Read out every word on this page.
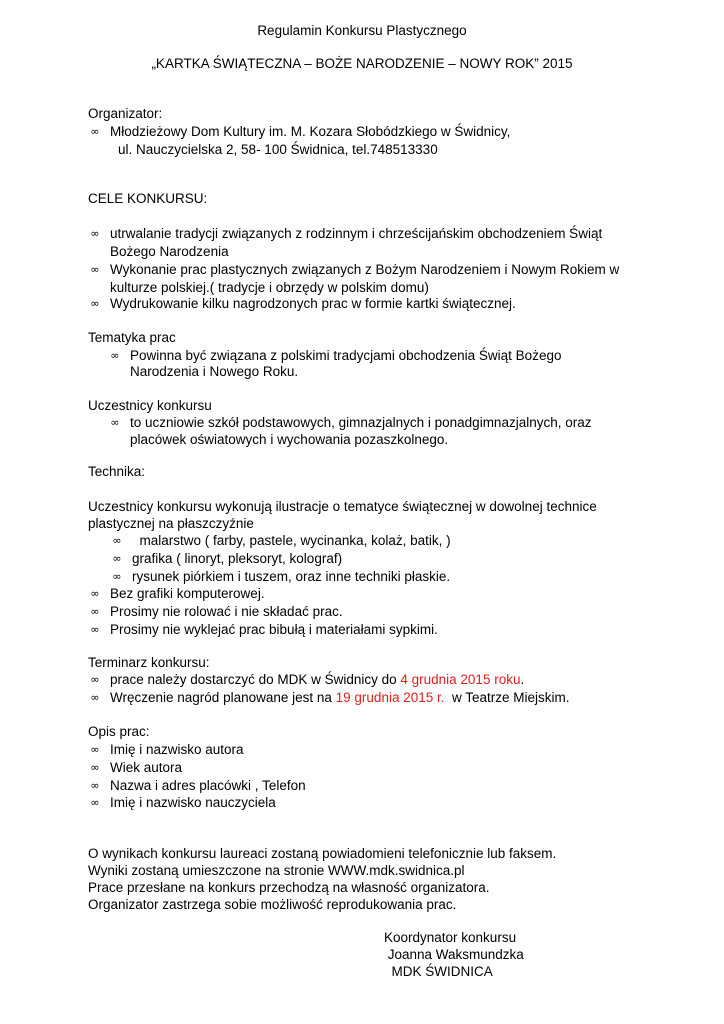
Regulamin Konkursu Plastycznego
„KARTKA ŚWIĄTECZNA – BOŻE NARODZENIE – NOWY ROK” 2015
Organizator:
∞ Młodzieżowy Dom Kultury im. M. Kozara Słobódzkiego w Świdnicy,
ul. Nauczycielska 2, 58- 100 Świdnica, tel.748513330
CELE KONKURSU:
∞ utrwalanie tradycji związanych z rodzinnym i chrześcijańskim obchodzeniem Świąt
Bożego Narodzenia
∞ Wykonanie prac plastycznych związanych z Bożym Narodzeniem i Nowym Rokiem w
kulturze polskiej.( tradycje i obrzędy w polskim domu)
∞ Wydrukowanie kilku nagrodzonych prac w formie kartki świątecznej.
Tematyka prac
∞ Powinna być związana z polskimi tradycjami obchodzenia Świąt Bożego
Narodzenia i Nowego Roku.
Uczestnicy konkursu
∞ to uczniowie szkół podstawowych, gimnazjalnych i ponadgimnazjalnych, oraz
placówek oświatowych i wychowania pozaszkolnego.
Technika:
Uczestnicy konkursu wykonują ilustracje o tematyce świątecznej w dowolnej technice
plastycznej na płaszczyźnie
∞ malarstwo ( farby, pastele, wycinanka, kolaż, batik, )
∞ grafika ( linoryt, pleksoryt, kolograf)
∞ rysunek piórkiem i tuszem, oraz inne techniki płaskie.
∞ Bez grafiki komputerowej.
∞ Prosimy nie rolować i nie składać prac.
∞ Prosimy nie wyklejać prac bibułą i materiałami sypkimi.
Terminarz konkursu:
∞ prace należy dostarczyć do MDK w Świdnicy do 4 grudnia 2015 roku.
∞ Wręczenie nagród planowane jest na 19 grudnia 2015 r.  w Teatrze Miejskim.
Opis prac:
∞ Imię i nazwisko autora
∞ Wiek autora
∞ Nazwa i adres placówki , Telefon
∞ Imię i nazwisko nauczyciela
O wynikach konkursu laureaci zostaną powiadomieni telefonicznie lub faksem.
Wyniki zostaną umieszczone na stronie WWW.mdk.swidnica.pl
Prace przesłane na konkurs przechodzą na własność organizatora.
Organizator zastrzega sobie możliwość reprodukowania prac.
Koordynator konkursu
Joanna Waksmundzka
MDK ŚWIDNICA
